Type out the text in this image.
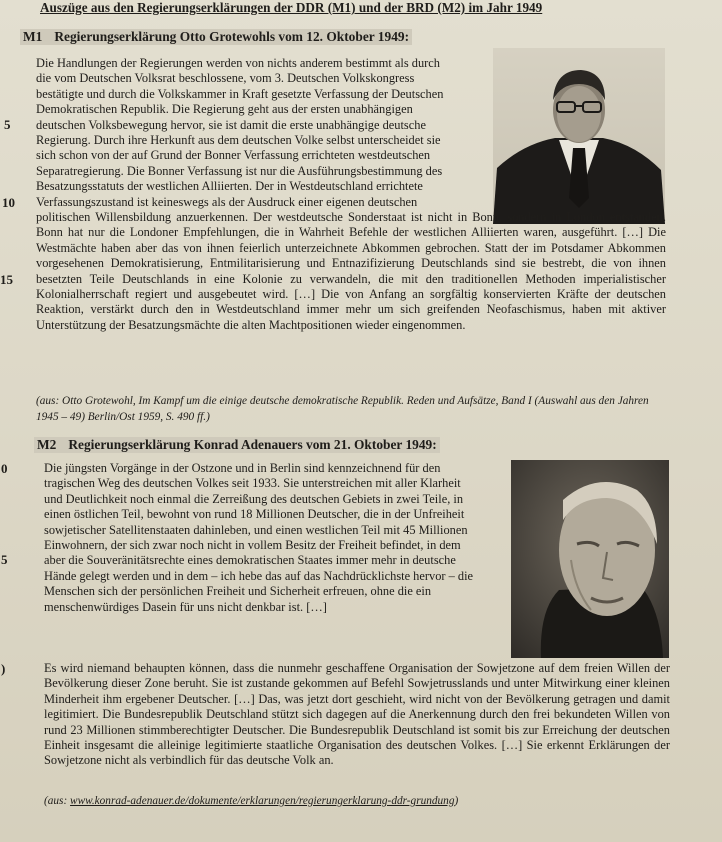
Auszüge aus den Regierungserklärungen der DDR (M1) und der BRD (M2) im Jahr 1949
M1 Regierungserklärung Otto Grotewohls vom 12. Oktober 1949:

Die Handlungen der Regierungen werden von nichts anderem bestimmt als durch

die vom Deutschen Volksrat beschlossene, vom 3. Deutschen Volkskongress

bestätigte und durch die Volkskammer in Kraft gesetzte Verfassung der Deutschen

Demokratischen Republik. Die Regierung geht aus der ersten unabhängigen

deutschen Volksbewegung hervor, sie ist damit die erste unabhängige deutsche

Regierung. Durch ihre Herkunft aus dem deutschen Volke selbst unterscheidet sie

sich schon von der auf Grund der Bonner Verfassung errichteten westdeutschen

Separatregierung. Die Bonner Verfassung ist nur die Ausführungsbestimmung des

Besatzungsstatuts der westlichen Alliierten. Der in Westdeutschland errichtete

Verfassungszustand ist keineswegs als der Ausdruck einer eigenen deutschen

politischen Willensbildung anzuerkennen. Der westdeutsche Sonderstaat ist nicht in Bonn, sondern in London entstanden. Bonn hat nur die Londoner Empfehlungen, die in Wahrheit Befehle der westlichen Alliierten waren, ausgeführt. […] Die Westmächte haben aber das von ihnen feierlich unterzeichnete Abkommen gebrochen. Statt der im Potsdamer Abkommen vorgesehenen Demokratisierung, Entmilitarisierung und Entnazifizierung Deutschlands sind sie bestrebt, die von ihnen besetzten Teile Deutschlands in eine Kolonie zu verwandeln, die mit den traditionellen Methoden imperialistischer Kolonialherrschaft regiert und ausgebeutet wird. […] Die von Anfang an sorgfältig konservierten Kräfte der deutschen Reaktion, verstärkt durch den in Westdeutschland immer mehr um sich greifenden Neofaschismus, haben mit aktiver Unterstützung der Besatzungsmächte die alten Machtpositionen wieder eingenommen.
5
10
15
(aus: Otto Grotewohl, Im Kampf um die einige deutsche demokratische Republik. Reden und Aufsätze, Band I (Auswahl aus den Jahren 1945 – 49) Berlin/Ost 1959, S. 490 ff.)
M2 Regierungserklärung Konrad Adenauers vom 21. Oktober 1949:

Die jüngsten Vorgänge in der Ostzone und in Berlin sind kennzeichnend für den

tragischen Weg des deutschen Volkes seit 1933. Sie unterstreichen mit aller Klarheit

und Deutlichkeit noch einmal die Zerreißung des deutschen Gebiets in zwei Teile, in

einen östlichen Teil, bewohnt von rund 18 Millionen Deutscher, die in der Unfreiheit

sowjetischer Satellitenstaaten dahinleben, und einen westlichen Teil mit 45 Millionen

Einwohnern, der sich zwar noch nicht in vollem Besitz der Freiheit befindet, in dem

aber die Souveränitätsrechte eines demokratischen Staates immer mehr in deutsche

Hände gelegt werden und in dem – ich hebe das auf das Nachdrücklichste hervor – die

Menschen sich der persönlichen Freiheit und Sicherheit erfreuen, ohne die ein

menschenwürdiges Dasein für uns nicht denkbar ist. […]

Es wird niemand behaupten können, dass die nunmehr geschaffene Organisation der Sowjetzone auf dem freien Willen der Bevölkerung dieser Zone beruht. Sie ist zustande gekommen auf Befehl Sowjetrusslands und unter Mitwirkung einer kleinen Minderheit ihm ergebener Deutscher. […] Das, was jetzt dort geschieht, wird nicht von der Bevölkerung getragen und damit legitimiert. Die Bundesrepublik Deutschland stützt sich dagegen auf die Anerkennung durch den frei bekundeten Willen von rund 23 Millionen stimmberechtigter Deutscher. Die Bundesrepublik Deutschland ist somit bis zur Erreichung der deutschen Einheit insgesamt die alleinige legitimierte staatliche Organisation des deutschen Volkes. […] Sie erkennt Erklärungen der Sowjetzone nicht als verbindlich für das deutsche Volk an.
0
5
)
(aus: www.konrad-adenauer.de/dokumente/erklarungen/regierungerklarung-ddr-grundung)
